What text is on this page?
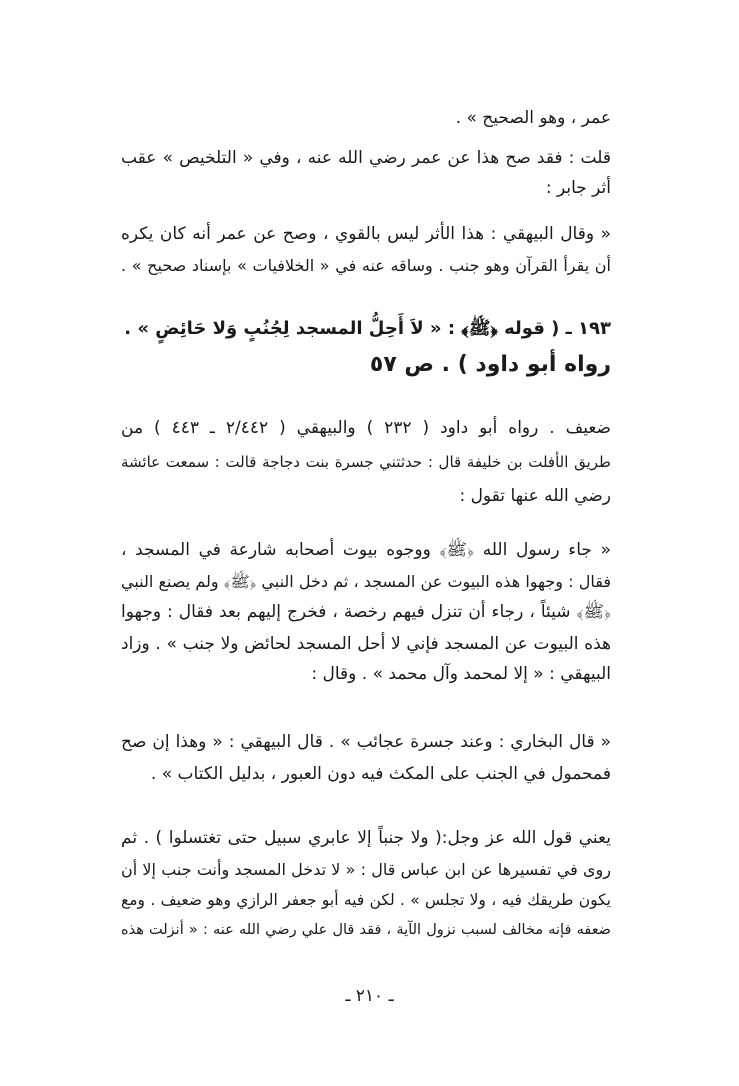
عمر ، وهو الصحيح » .
قلت : فقد صح هذا عن عمر رضي الله عنه ، وفي « التلخيص » عقب
أثر جابر :
« وقال البيهقي : هذا الأثر ليس بالقوي ، وصح عن عمر أنه كان يكره
أن يقرأ القرآن وهو جنب . وساقه عنه في « الخلافيات » بإسناد صحيح » .
١٩٣ ـ ( قوله ﴿ﷺ﴾ : « لاَ أَحِلُّ المسجد لِجُنُبٍ وَلا حَائِضٍ » .
رواه أبو داود ) . ص ٥٧
ضعيف . رواه أبو داود ( ٢٣٢ ) والبيهقي ( ٢/٤٤٢ ـ ٤٤٣ ) من
طريق الأفلت بن خليفة قال : حدثتني جسرة بنت دجاجة قالت : سمعت عائشة
رضي الله عنها تقول :
« جاء رسول الله ﴿ﷺ﴾ ووجوه بيوت أصحابه شارعة في المسجد ،
فقال : وجهوا هذه البيوت عن المسجد ، ثم دخل النبي ﴿ﷺ﴾ ولم يصنع النبي
﴿ﷺ﴾ شيئاً ، رجاء أن تنزل فيهم رخصة ، فخرج إليهم بعد فقال : وجهوا
هذه البيوت عن المسجد فإني لا أحل المسجد لحائض ولا جنب » . وزاد
البيهقي : « إلا لمحمد وآل محمد » . وقال :
« قال البخاري : وعند جسرة عجائب » . قال البيهقي : « وهذا إن صح
فمحمول في الجنب على المكث فيه دون العبور ، بدليل الكتاب » .
يعني قول الله عز وجل:( ولا جنباً إلا عابري سبيل حتى تغتسلوا ) . ثم
روى في تفسيرها عن ابن عباس قال : « لا تدخل المسجد وأنت جنب إلا أن
يكون طريقك فيه ، ولا تجلس » . لكن فيه أبو جعفر الرازي وهو ضعيف . ومع
ضعفه فإنه مخالف لسبب نزول الآية ، فقد قال علي رضي الله عنه : « أنزلت هذه
ـ ٢١٠ ـ
